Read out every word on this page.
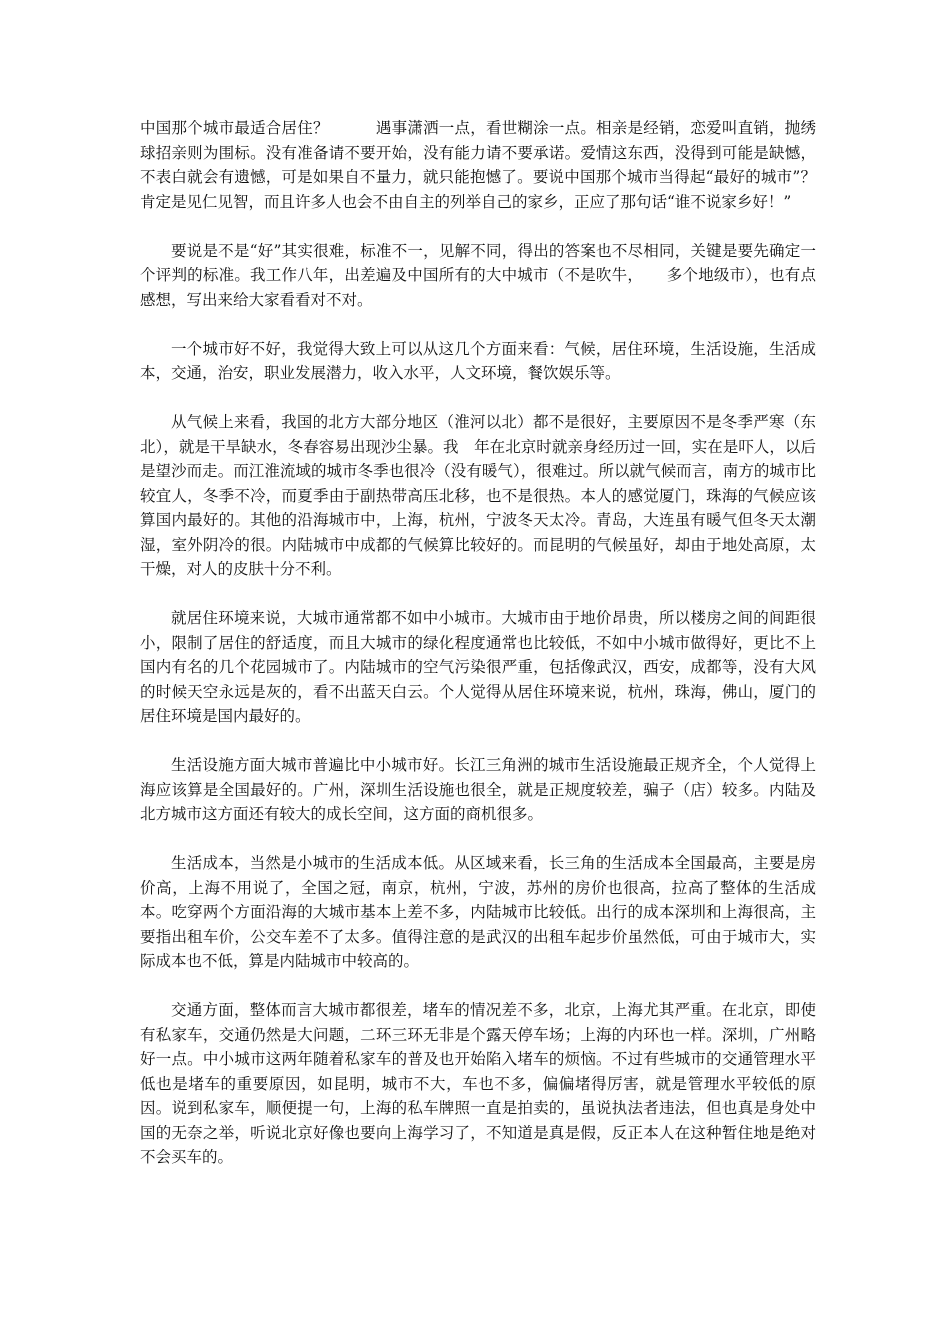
中国那个城市最适合居住？　　　遇事潇洒一点，看世糊涂一点。相亲是经销，恋爱叫直销，抛绣球招亲则为围标。没有准备请不要开始，没有能力请不要承诺。爱情这东西，没得到可能是缺憾，不表白就会有遗憾，可是如果自不量力，就只能抱憾了。要说中国那个城市当得起“最好的城市”？肯定是见仁见智，而且许多人也会不由自主的列举自己的家乡，正应了那句话“谁不说家乡好！”

要说是不是“好”其实很难，标准不一，见解不同，得出的答案也不尽相同，关键是要先确定一个评判的标准。我工作八年，出差遍及中国所有的大中城市（不是吹牛，　　多个地级市），也有点感想，写出来给大家看看对不对。

一个城市好不好，我觉得大致上可以从这几个方面来看：气候，居住环境，生活设施，生活成本，交通，治安，职业发展潜力，收入水平，人文环境，餐饮娱乐等。

从气候上来看，我国的北方大部分地区（淮河以北）都不是很好，主要原因不是冬季严寒（东北），就是干旱缺水，冬春容易出现沙尘暴。我　年在北京时就亲身经历过一回，实在是吓人，以后是望沙而走。而江淮流域的城市冬季也很冷（没有暖气），很难过。所以就气候而言，南方的城市比较宜人，冬季不冷，而夏季由于副热带高压北移，也不是很热。本人的感觉厦门，珠海的气候应该算国内最好的。其他的沿海城市中，上海，杭州，宁波冬天太冷。青岛，大连虽有暖气但冬天太潮湿，室外阴冷的很。内陆城市中成都的气候算比较好的。而昆明的气候虽好，却由于地处高原，太干燥，对人的皮肤十分不利。

就居住环境来说，大城市通常都不如中小城市。大城市由于地价昂贵，所以楼房之间的间距很小，限制了居住的舒适度，而且大城市的绿化程度通常也比较低，不如中小城市做得好，更比不上国内有名的几个花园城市了。内陆城市的空气污染很严重，包括像武汉，西安，成都等，没有大风的时候天空永远是灰的，看不出蓝天白云。个人觉得从居住环境来说，杭州，珠海，佛山，厦门的居住环境是国内最好的。

生活设施方面大城市普遍比中小城市好。长江三角洲的城市生活设施最正规齐全，个人觉得上海应该算是全国最好的。广州，深圳生活设施也很全，就是正规度较差，骗子（店）较多。内陆及北方城市这方面还有较大的成长空间，这方面的商机很多。

生活成本，当然是小城市的生活成本低。从区域来看，长三角的生活成本全国最高，主要是房价高，上海不用说了，全国之冠，南京，杭州，宁波，苏州的房价也很高，拉高了整体的生活成本。吃穿两个方面沿海的大城市基本上差不多，内陆城市比较低。出行的成本深圳和上海很高，主要指出租车价，公交车差不了太多。值得注意的是武汉的出租车起步价虽然低，可由于城市大，实际成本也不低，算是内陆城市中较高的。

交通方面，整体而言大城市都很差，堵车的情况差不多，北京，上海尤其严重。在北京，即使有私家车，交通仍然是大问题，二环三环无非是个露天停车场；上海的内环也一样。深圳，广州略好一点。中小城市这两年随着私家车的普及也开始陷入堵车的烦恼。不过有些城市的交通管理水平低也是堵车的重要原因，如昆明，城市不大，车也不多，偏偏堵得厉害，就是管理水平较低的原因。说到私家车，顺便提一句，上海的私车牌照一直是拍卖的，虽说执法者违法，但也真是身处中国的无奈之举，听说北京好像也要向上海学习了，不知道是真是假，反正本人在这种暂住地是绝对不会买车的。
